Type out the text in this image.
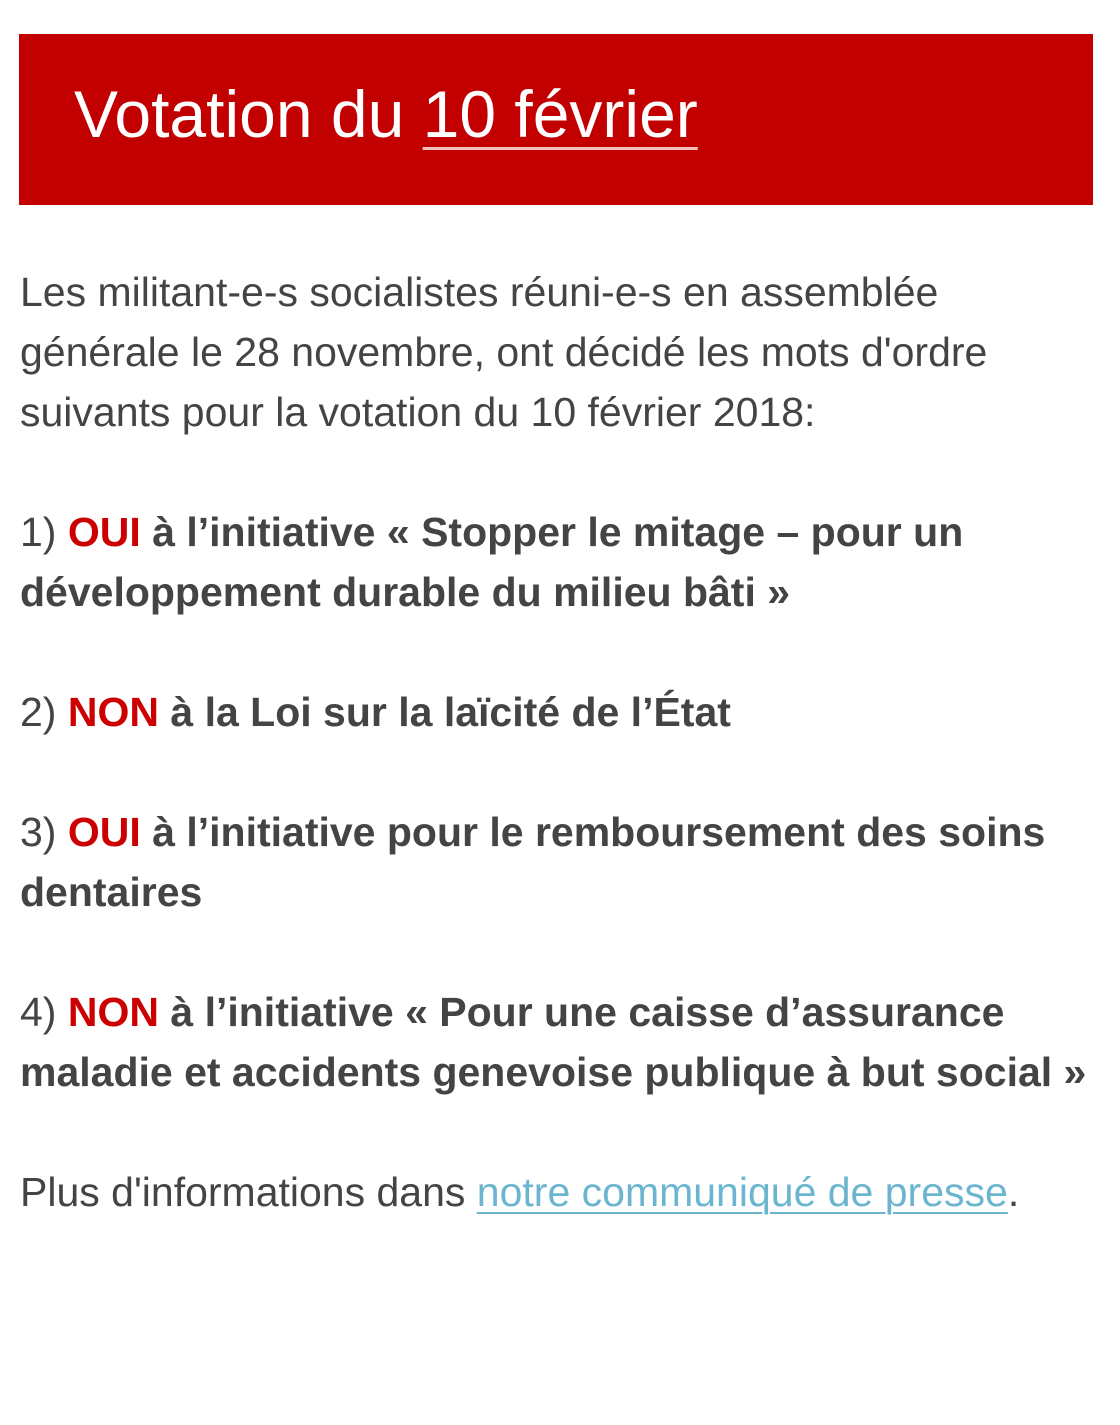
Votation du 10 février

Les militant-e-s socialistes réuni-e-s en assemblée générale le 28 novembre, ont décidé les mots d'ordre suivants pour la votation du 10 février 2018:

1) OUI à l’initiative « Stopper le mitage – pour un développement durable du milieu bâti »

2) NON à la Loi sur la laïcité de l’État

3) OUI à l’initiative pour le remboursement des soins dentaires

4) NON à l’initiative « Pour une caisse d’assurance maladie et accidents genevoise publique à but social »

Plus d'informations dans notre communiqué de presse.
